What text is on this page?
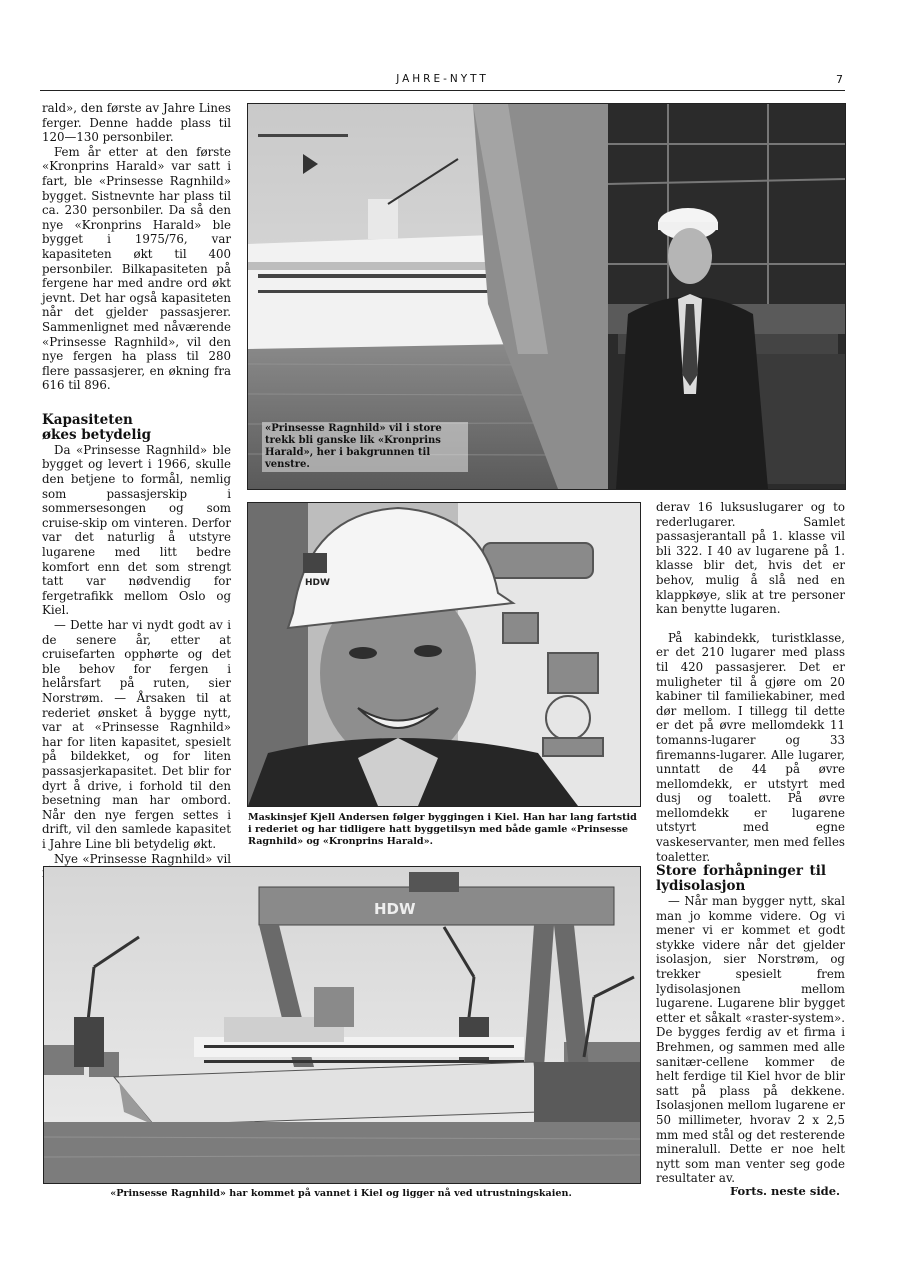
JAHRE-NYTT	7

rald», den første av Jahre Lines ferger. Denne hadde plass til 120—130 personbiler.

Fem år etter at den første «Kronprins Harald» var satt i fart, ble «Prinsesse Ragnhild» bygget. Sistnevnte har plass til ca. 230 personbiler. Da så den nye «Kronprins Harald» ble bygget i 1975/76, var kapasiteten økt til 400 personbiler. Bilkapasiteten på fergene har med andre ord økt jevnt. Det har også kapasiteten når det gjelder passasjerer. Sammenlignet med nåværende «Prinsesse Ragnhild», vil den nye fergen ha plass til 280 flere passasjerer, en økning fra 616 til 896.

Kapasiteten økes betydelig

Da «Prinsesse Ragnhild» ble bygget og levert i 1966, skulle den betjene to formål, nemlig som passasjerskip i sommersesongen og som cruise-skip om vinteren. Derfor var det naturlig å utstyre lugarene med litt bedre komfort enn det som strengt tatt var nødvendig for fergetrafikk mellom Oslo og Kiel.

— Dette har vi nydt godt av i de senere år, etter at cruisefarten opphørte og det ble behov for fergen i helårsfart på ruten, sier Norstrøm. — Årsaken til at rederiet ønsket å bygge nytt, var at «Prinsesse Ragnhild» har for liten kapasitet, spesielt på bildekket, og for liten passasjerkapasitet. Det blir for dyrt å drive, i forhold til den besetning man har ombord. Når den nye fergen settes i drift, vil den samlede kapasitet i Jahre Line bli betydelig økt.

Nye «Prinsesse Ragnhild» vil

«Prinsesse Ragnhild» vil i store trekk bli ganske lik «Kronprins Harald», her i bakgrunnen til venstre.
HDW
Maskinsjef Kjell Andersen følger byggingen i Kiel. Han har lang fartstid i rederiet og har tidligere hatt byggetilsyn med både gamle «Prinsesse Ragnhild» og «Kronprins Harald».

derav 16 luksuslugarer og to rederlugarer. Samlet passasjerantall på 1. klasse vil bli 322. I 40 av lugarene på 1. klasse blir det, hvis det er behov, mulig å slå ned en klappkøye, slik at tre personer kan benytte lugaren.

På kabindekk, turistklasse, er det 210 lugarer med plass til 420 passasjerer. Det er muligheter til å gjøre om 20 kabiner til familiekabiner, med dør mellom. I tillegg til dette er det på øvre mellomdekk 11 tomanns-lugarer og 33 firemanns-lugarer. Alle lugarer, unntatt de 44 på øvre mellomdekk, er utstyrt med dusj og toalett. På øvre mellomdekk er lugarene utstyrt med egne vaskeservanter, men med felles toaletter.

Store forhåpninger til lydisolasjon

— Når man bygger nytt, skal man jo komme videre. Og vi mener vi er kommet et godt stykke videre når det gjelder isolasjon, sier Norstrøm, og trekker spesielt frem lydisolasjonen mellom lugarene. Lugarene blir bygget etter et såkalt «raster-system». De bygges ferdig av et firma i Brehmen, og sammen med alle sanitær-cellene kommer de helt ferdige til Kiel hvor de blir satt på plass på dekkene. Isolasjonen mellom lugarene er 50 millimeter, hvorav 2 x 2,5 mm med stål og det resterende mineralull. Dette er noe helt nytt som man venter seg gode resultater av.

Forts. neste side.
HDW
«Prinsesse Ragnhild» har kommet på vannet i Kiel og ligger nå ved utrustningskaien.
